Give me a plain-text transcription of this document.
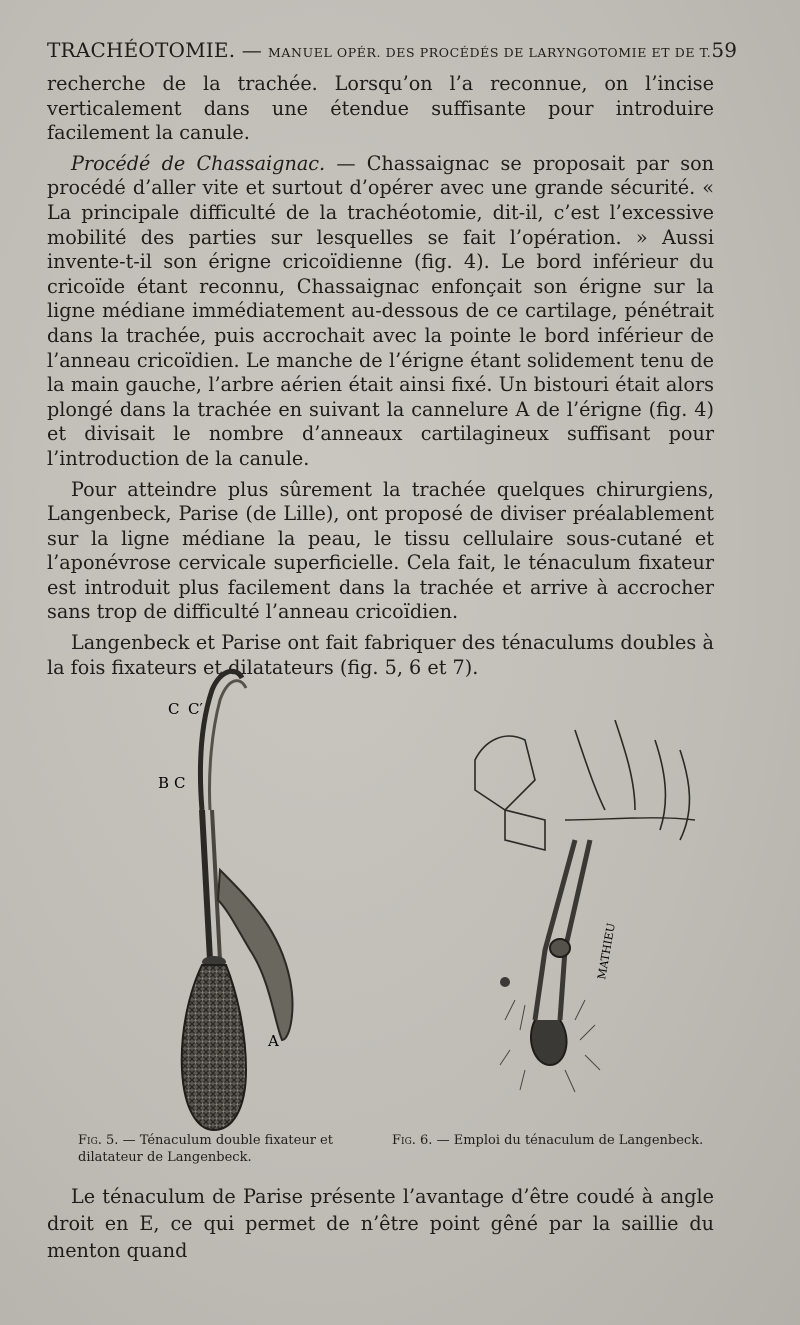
TRACHÉOTOMIE. — MANUEL OPÉR. DES PROCÉDÉS DE LARYNGOTOMIE ET DE T. 59

recherche de la trachée. Lorsqu’on l’a reconnue, on l’incise verticalement dans une étendue suffisante pour introduire facilement la canule.

Procédé de Chassaignac. — Chassaignac se proposait par son procédé d’aller vite et surtout d’opérer avec une grande sécurité. « La principale difficulté de la trachéotomie, dit-il, c’est l’excessive mobilité des parties sur lesquelles se fait l’opération. » Aussi invente-t-il son érigne cricoïdienne (fig. 4). Le bord inférieur du cricoïde étant reconnu, Chassaignac enfonçait son érigne sur la ligne médiane immédiatement au-dessous de ce cartilage, pénétrait dans la trachée, puis accrochait avec la pointe le bord inférieur de l’anneau cricoïdien. Le manche de l’érigne étant solidement tenu de la main gauche, l’arbre aérien était ainsi fixé. Un bistouri était alors plongé dans la trachée en suivant la cannelure A de l’érigne (fig. 4) et divisait le nombre d’anneaux cartilagineux suffisant pour l’introduction de la canule.

Pour atteindre plus sûrement la trachée quelques chirurgiens, Langenbeck, Parise (de Lille), ont proposé de diviser préalablement sur la ligne médiane la peau, le tissu cellulaire sous-cutané et l’aponévrose cervicale superficielle. Cela fait, le ténaculum fixateur est introduit plus facilement dans la trachée et arrive à accrocher sans trop de difficulté l’anneau cricoïdien.

Langenbeck et Parise ont fait fabriquer des ténaculums doubles à la fois fixateurs et dilatateurs (fig. 5, 6 et 7).

C C′
B C
A
MATHIEU
Fig. 5. — Ténaculum double fixateur et dilatateur de Langenbeck.
Fig. 6. — Emploi du ténaculum de Langenbeck.

Le ténaculum de Parise présente l’avantage d’être coudé à angle droit en E, ce qui permet de n’être point gêné par la saillie du menton quand
